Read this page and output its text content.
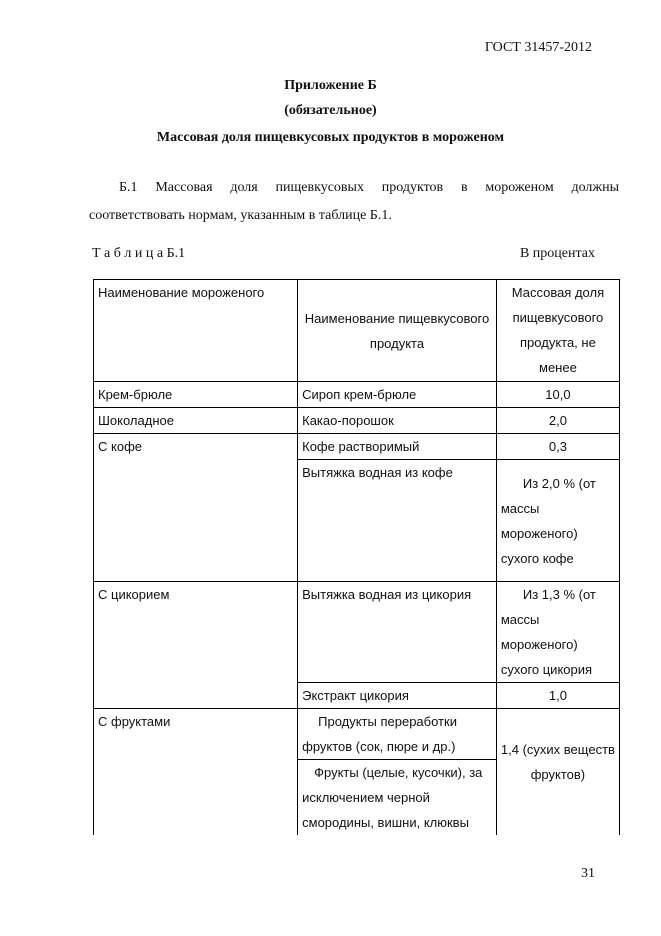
ГОСТ 31457-2012
Приложение Б
(обязательное)
Массовая доля пищевкусовых продуктов в мороженом
Б.1 Массовая доля пищевкусовых продуктов в мороженом должны
соответствовать нормам, указанным в таблице Б.1.
Т а б л и ц а Б.1	В процентах
Наименование мороженого	Наименование пищевкусового продукта	Массовая доля пищевкусового продукта, не менее
Крем-брюле	Сироп крем-брюле	10,0
Шоколадное	Какао-порошок	2,0
С кофе	Кофе растворимый	0,3
	Вытяжка водная из кофе	Из 2,0 % (от массы мороженого) сухого кофе
С цикорием	Вытяжка водная из цикория	Из 1,3 % (от массы мороженого) сухого цикория
	Экстракт цикория	1,0
С фруктами	Продукты переработки фруктов (сок, пюре и др.)	1,4 (сухих веществ фруктов)
	Фрукты (целые, кусочки), за исключением черной смородины, вишни, клюквы	
31
